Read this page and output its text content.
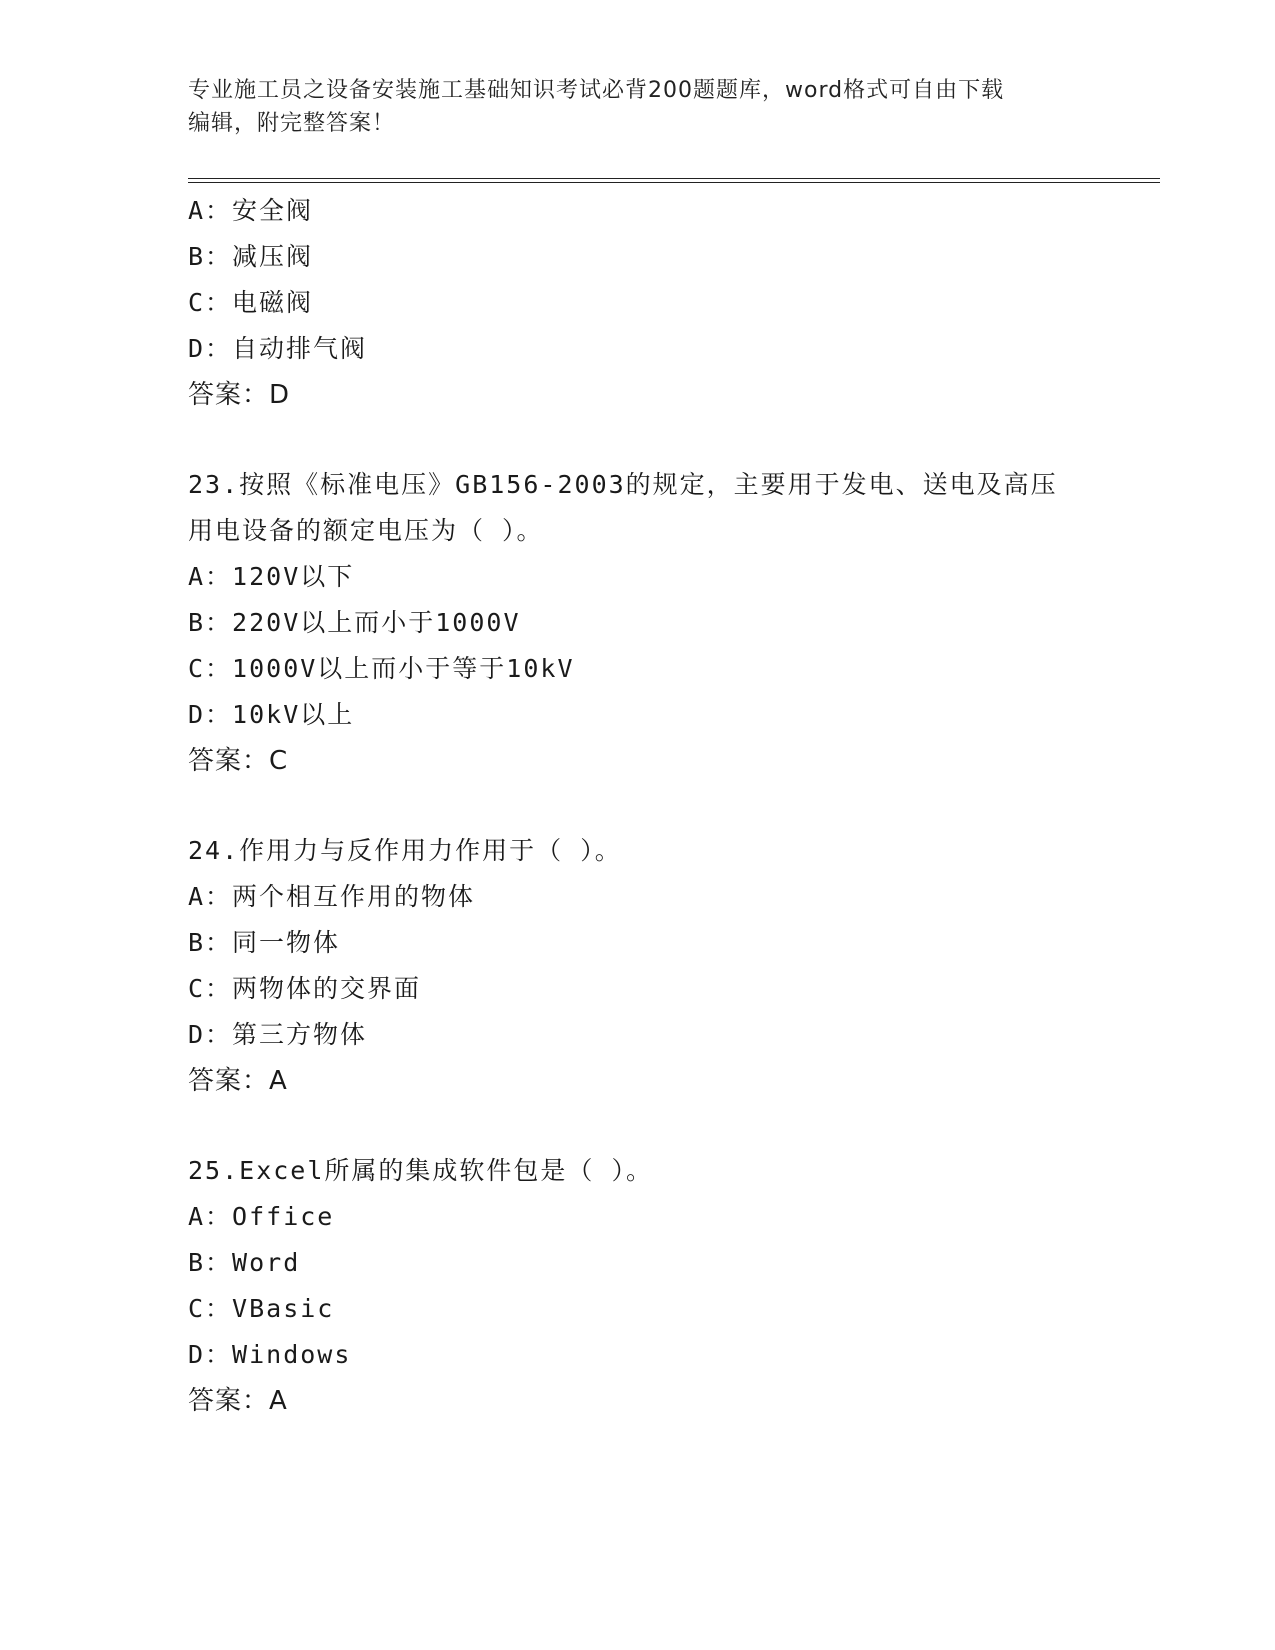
专业施工员之设备安装施工基础知识考试必背200题题库，word格式可自由下载
编辑，附完整答案！
A：安全阀
B：减压阀
C：电磁阀
D：自动排气阀
答案：D
23.按照《标准电压》GB156-2003的规定，主要用于发电、送电及高压
用电设备的额定电压为（ ）。
A：120V以下
B：220V以上而小于1000V
C：1000V以上而小于等于10kV
D：10kV以上
答案：C
24.作用力与反作用力作用于（ ）。
A：两个相互作用的物体
B：同一物体
C：两物体的交界面
D：第三方物体
答案：A
25.Excel所属的集成软件包是（ ）。
A：Office
B：Word
C：VBasic
D：Windows
答案：A
